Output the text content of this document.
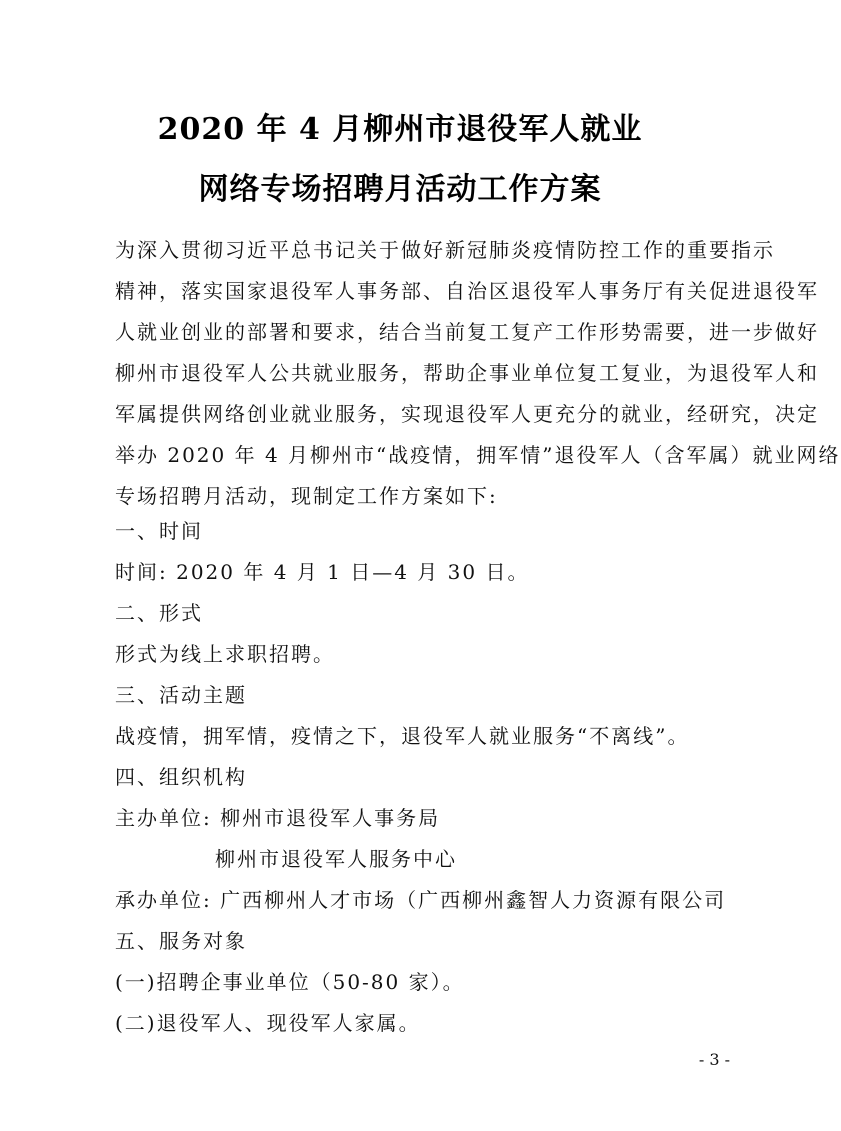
2020 年 4 月柳州市退役军人就业
网络专场招聘月活动工作方案
为深入贯彻习近平总书记关于做好新冠肺炎疫情防控工作的重要指示
精神，落实国家退役军人事务部、自治区退役军人事务厅有关促进退役军
人就业创业的部署和要求，结合当前复工复产工作形势需要，进一步做好
柳州市退役军人公共就业服务，帮助企事业单位复工复业，为退役军人和
军属提供网络创业就业服务，实现退役军人更充分的就业，经研究，决定
举办 2020 年 4 月柳州市“战疫情，拥军情”退役军人（含军属）就业网络
专场招聘月活动，现制定工作方案如下:
一、时间
时间: 2020 年 4 月 1 日—4 月 30 日。
二、形式
形式为线上求职招聘。
三、活动主题
战疫情，拥军情，疫情之下，退役军人就业服务“不离线”。
四、组织机构
主办单位: 柳州市退役军人事务局
柳州市退役军人服务中心
承办单位: 广西柳州人才市场（广西柳州鑫智人力资源有限公司
五、服务对象
(一)招聘企事业单位（50-80 家）。
(二)退役军人、现役军人家属。
- 3 -
